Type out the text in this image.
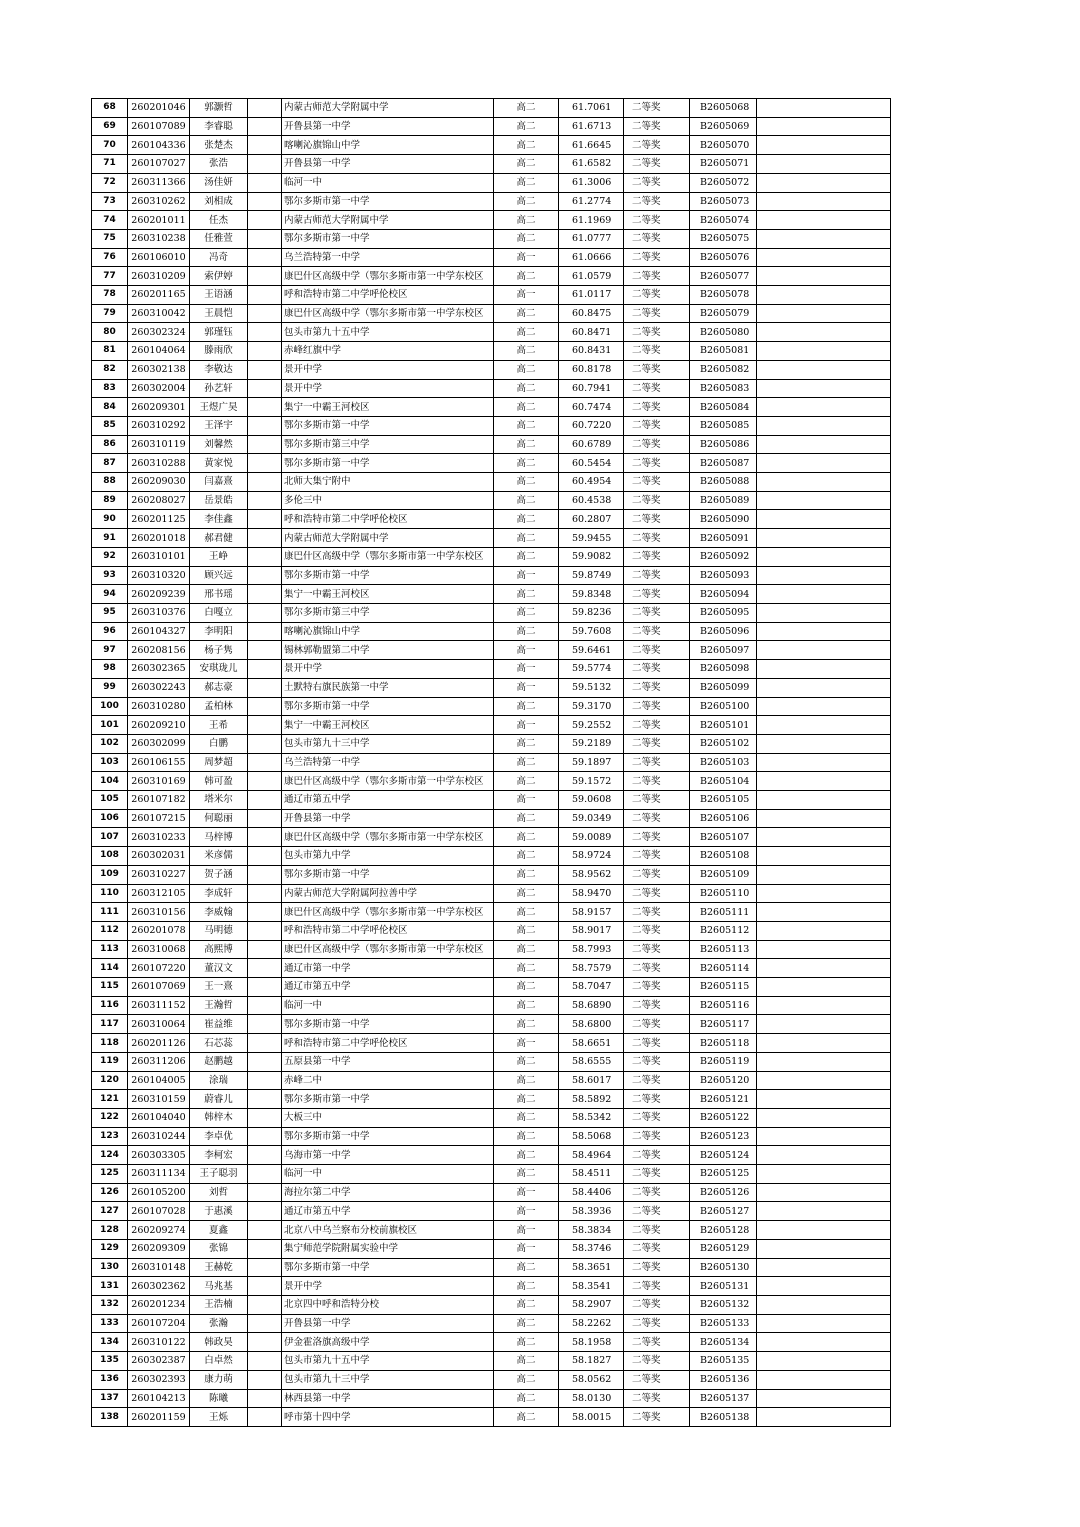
68	260201046	郭灏哲		内蒙古师范大学附属中学	高二	61.7061	二等奖	B2605068	
69	260107089	李睿聪		开鲁县第一中学	高二	61.6713	二等奖	B2605069	
70	260104336	张楚杰		喀喇沁旗锦山中学	高二	61.6645	二等奖	B2605070	
71	260107027	张浩		开鲁县第一中学	高二	61.6582	二等奖	B2605071	
72	260311366	汤佳妍		临河一中	高二	61.3006	二等奖	B2605072	
73	260310262	刘相成		鄂尔多斯市第一中学	高二	61.2774	二等奖	B2605073	
74	260201011	任杰		内蒙古师范大学附属中学	高二	61.1969	二等奖	B2605074	
75	260310238	任雅萱		鄂尔多斯市第一中学	高二	61.0777	二等奖	B2605075	
76	260106010	冯奇		乌兰浩特第一中学	高一	61.0666	二等奖	B2605076	
77	260310209	索伊婷		康巴什区高级中学（鄂尔多斯市第一中学东校区	高二	61.0579	二等奖	B2605077	
78	260201165	王语涵		呼和浩特市第二中学呼伦校区	高一	61.0117	二等奖	B2605078	
79	260310042	王晨恺		康巴什区高级中学（鄂尔多斯市第一中学东校区	高二	60.8475	二等奖	B2605079	
80	260302324	郭瑾钰		包头市第九十五中学	高二	60.8471	二等奖	B2605080	
81	260104064	滕雨欣		赤峰红旗中学	高二	60.8431	二等奖	B2605081	
82	260302138	李敬达		景开中学	高二	60.8178	二等奖	B2605082	
83	260302004	孙艺轩		景开中学	高二	60.7941	二等奖	B2605083	
84	260209301	王煜广昊		集宁一中霸王河校区	高二	60.7474	二等奖	B2605084	
85	260310292	王泽宇		鄂尔多斯市第一中学	高二	60.7220	二等奖	B2605085	
86	260310119	刘馨然		鄂尔多斯市第三中学	高二	60.6789	二等奖	B2605086	
87	260310288	黄家悦		鄂尔多斯市第一中学	高二	60.5454	二等奖	B2605087	
88	260209030	闫嘉熹		北师大集宁附中	高二	60.4954	二等奖	B2605088	
89	260208027	岳景皓		多伦三中	高二	60.4538	二等奖	B2605089	
90	260201125	李佳鑫		呼和浩特市第二中学呼伦校区	高二	60.2807	二等奖	B2605090	
91	260201018	郝君健		内蒙古师范大学附属中学	高二	59.9455	二等奖	B2605091	
92	260310101	王峥		康巴什区高级中学（鄂尔多斯市第一中学东校区	高二	59.9082	二等奖	B2605092	
93	260310320	顾兴远		鄂尔多斯市第一中学	高一	59.8749	二等奖	B2605093	
94	260209239	邢书瑶		集宁一中霸王河校区	高二	59.8348	二等奖	B2605094	
95	260310376	白嘎立		鄂尔多斯市第三中学	高二	59.8236	二等奖	B2605095	
96	260104327	李明阳		喀喇沁旗锦山中学	高二	59.7608	二等奖	B2605096	
97	260208156	杨子隽		锡林郭勒盟第二中学	高一	59.6461	二等奖	B2605097	
98	260302365	安琪珑儿		景开中学	高一	59.5774	二等奖	B2605098	
99	260302243	郝志豪		土默特右旗民族第一中学	高一	59.5132	二等奖	B2605099	
100	260310280	孟柏林		鄂尔多斯市第一中学	高二	59.3170	二等奖	B2605100	
101	260209210	王希		集宁一中霸王河校区	高一	59.2552	二等奖	B2605101	
102	260302099	白鹏		包头市第九十三中学	高二	59.2189	二等奖	B2605102	
103	260106155	周梦超		乌兰浩特第一中学	高二	59.1897	二等奖	B2605103	
104	260310169	韩可盈		康巴什区高级中学（鄂尔多斯市第一中学东校区	高二	59.1572	二等奖	B2605104	
105	260107182	塔米尔		通辽市第五中学	高一	59.0608	二等奖	B2605105	
106	260107215	何聪丽		开鲁县第一中学	高二	59.0349	二等奖	B2605106	
107	260310233	马梓博		康巴什区高级中学（鄂尔多斯市第一中学东校区	高二	59.0089	二等奖	B2605107	
108	260302031	米彦儒		包头市第九中学	高二	58.9724	二等奖	B2605108	
109	260310227	贺子涵		鄂尔多斯市第一中学	高二	58.9562	二等奖	B2605109	
110	260312105	李成轩		内蒙古师范大学附属阿拉善中学	高二	58.9470	二等奖	B2605110	
111	260310156	李威翰		康巴什区高级中学（鄂尔多斯市第一中学东校区	高二	58.9157	二等奖	B2605111	
112	260201078	马明德		呼和浩特市第二中学呼伦校区	高二	58.9017	二等奖	B2605112	
113	260310068	高熙博		康巴什区高级中学（鄂尔多斯市第一中学东校区	高二	58.7993	二等奖	B2605113	
114	260107220	董汉文		通辽市第一中学	高二	58.7579	二等奖	B2605114	
115	260107069	王一熹		通辽市第五中学	高二	58.7047	二等奖	B2605115	
116	260311152	王瀚哲		临河一中	高二	58.6890	二等奖	B2605116	
117	260310064	崔益维		鄂尔多斯市第一中学	高二	58.6800	二等奖	B2605117	
118	260201126	石芯蕊		呼和浩特市第二中学呼伦校区	高一	58.6651	二等奖	B2605118	
119	260311206	赵鹏越		五原县第一中学	高二	58.6555	二等奖	B2605119	
120	260104005	涂瑞		赤峰二中	高二	58.6017	二等奖	B2605120	
121	260310159	蔚睿儿		鄂尔多斯市第一中学	高二	58.5892	二等奖	B2605121	
122	260104040	韩梓木		大板三中	高二	58.5342	二等奖	B2605122	
123	260310244	李卓优		鄂尔多斯市第一中学	高二	58.5068	二等奖	B2605123	
124	260303305	李柯宏		乌海市第一中学	高二	58.4964	二等奖	B2605124	
125	260311134	王子聪羽		临河一中	高二	58.4511	二等奖	B2605125	
126	260105200	刘哲		海拉尔第二中学	高一	58.4406	二等奖	B2605126	
127	260107028	于惠溪		通辽市第五中学	高一	58.3936	二等奖	B2605127	
128	260209274	夏鑫		北京八中乌兰察布分校前旗校区	高一	58.3834	二等奖	B2605128	
129	260209309	张锦		集宁师范学院附属实验中学	高一	58.3746	二等奖	B2605129	
130	260310148	王赫乾		鄂尔多斯市第一中学	高二	58.3651	二等奖	B2605130	
131	260302362	马兆基		景开中学	高二	58.3541	二等奖	B2605131	
132	260201234	王浩楠		北京四中呼和浩特分校	高二	58.2907	二等奖	B2605132	
133	260107204	张瀚		开鲁县第一中学	高二	58.2262	二等奖	B2605133	
134	260310122	韩政昊		伊金霍洛旗高级中学	高二	58.1958	二等奖	B2605134	
135	260302387	白卓然		包头市第九十五中学	高二	58.1827	二等奖	B2605135	
136	260302393	康力萌		包头市第九十三中学	高二	58.0562	二等奖	B2605136	
137	260104213	陈曦		林西县第一中学	高二	58.0130	二等奖	B2605137	
138	260201159	王烁		呼市第十四中学	高二	58.0015	二等奖	B2605138	
